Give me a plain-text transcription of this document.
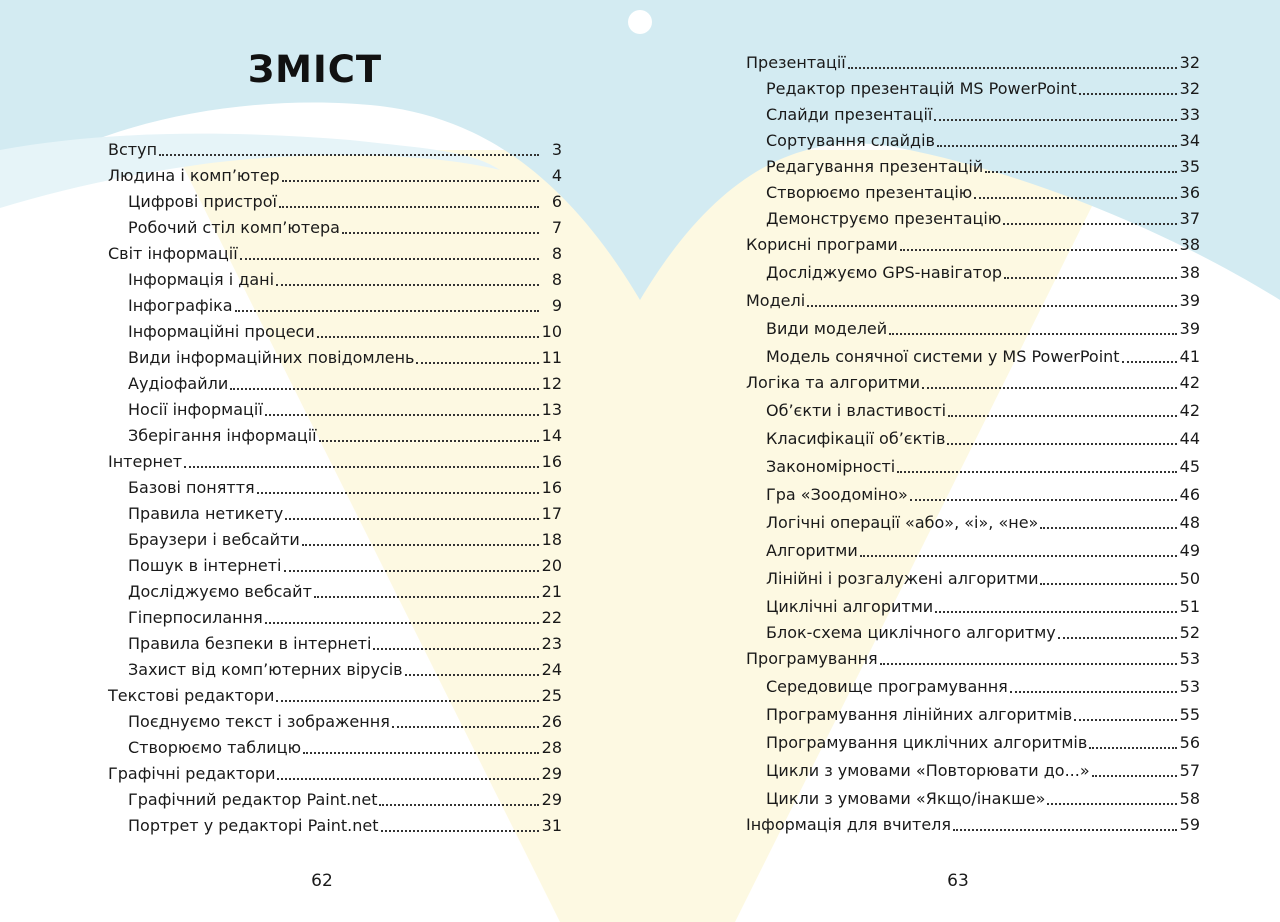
ЗМІСТ
Вступ	3
Людина і комп’ютер	4
Цифрові пристрої	6
Робочий стіл комп’ютера	7
Світ інформації	8
Інформація і дані	8
Інфографіка	9
Інформаційні процеси	10
Види інформаційних повідомлень	11
Аудіофайли	12
Носії інформації	13
Зберігання інформації	14
Інтернет	16
Базові поняття	16
Правила нетикету	17
Браузери і вебсайти	18
Пошук в інтернеті	20
Досліджуємо вебсайт	21
Гіперпосилання	22
Правила безпеки в інтернеті	23
Захист від комп’ютерних вірусів	24
Текстові редактори	25
Поєднуємо текст і зображення	26
Створюємо таблицю	28
Графічні редактори	29
Графічний редактор Paint.net	29
Портрет у редакторі Paint.net	31
Презентації	32
Редактор презентацій MS PowerPoint	32
Слайди презентації	33
Сортування слайдів	34
Редагування презентацій	35
Створюємо презентацію	36
Демонструємо презентацію	37
Корисні програми	38
Досліджуємо GPS-навігатор	38
Моделі	39
Види моделей	39
Модель сонячної системи у MS PowerPoint	41
Логіка та алгоритми	42
Об’єкти і властивості	42
Класифікації об’єктів	44
Закономірності	45
Гра «Зоодоміно»	46
Логічні операції «або», «і», «не»	48
Алгоритми	49
Лінійні і розгалужені алгоритми	50
Циклічні алгоритми	51
Блок-схема циклічного алгоритму	52
Програмування	53
Середовище програмування	53
Програмування лінійних алгоритмів	55
Програмування циклічних алгоритмів	56
Цикли з умовами «Повторювати до...»	57
Цикли з умовами «Якщо/інакше»	58
Інформація для вчителя	59
62	63
